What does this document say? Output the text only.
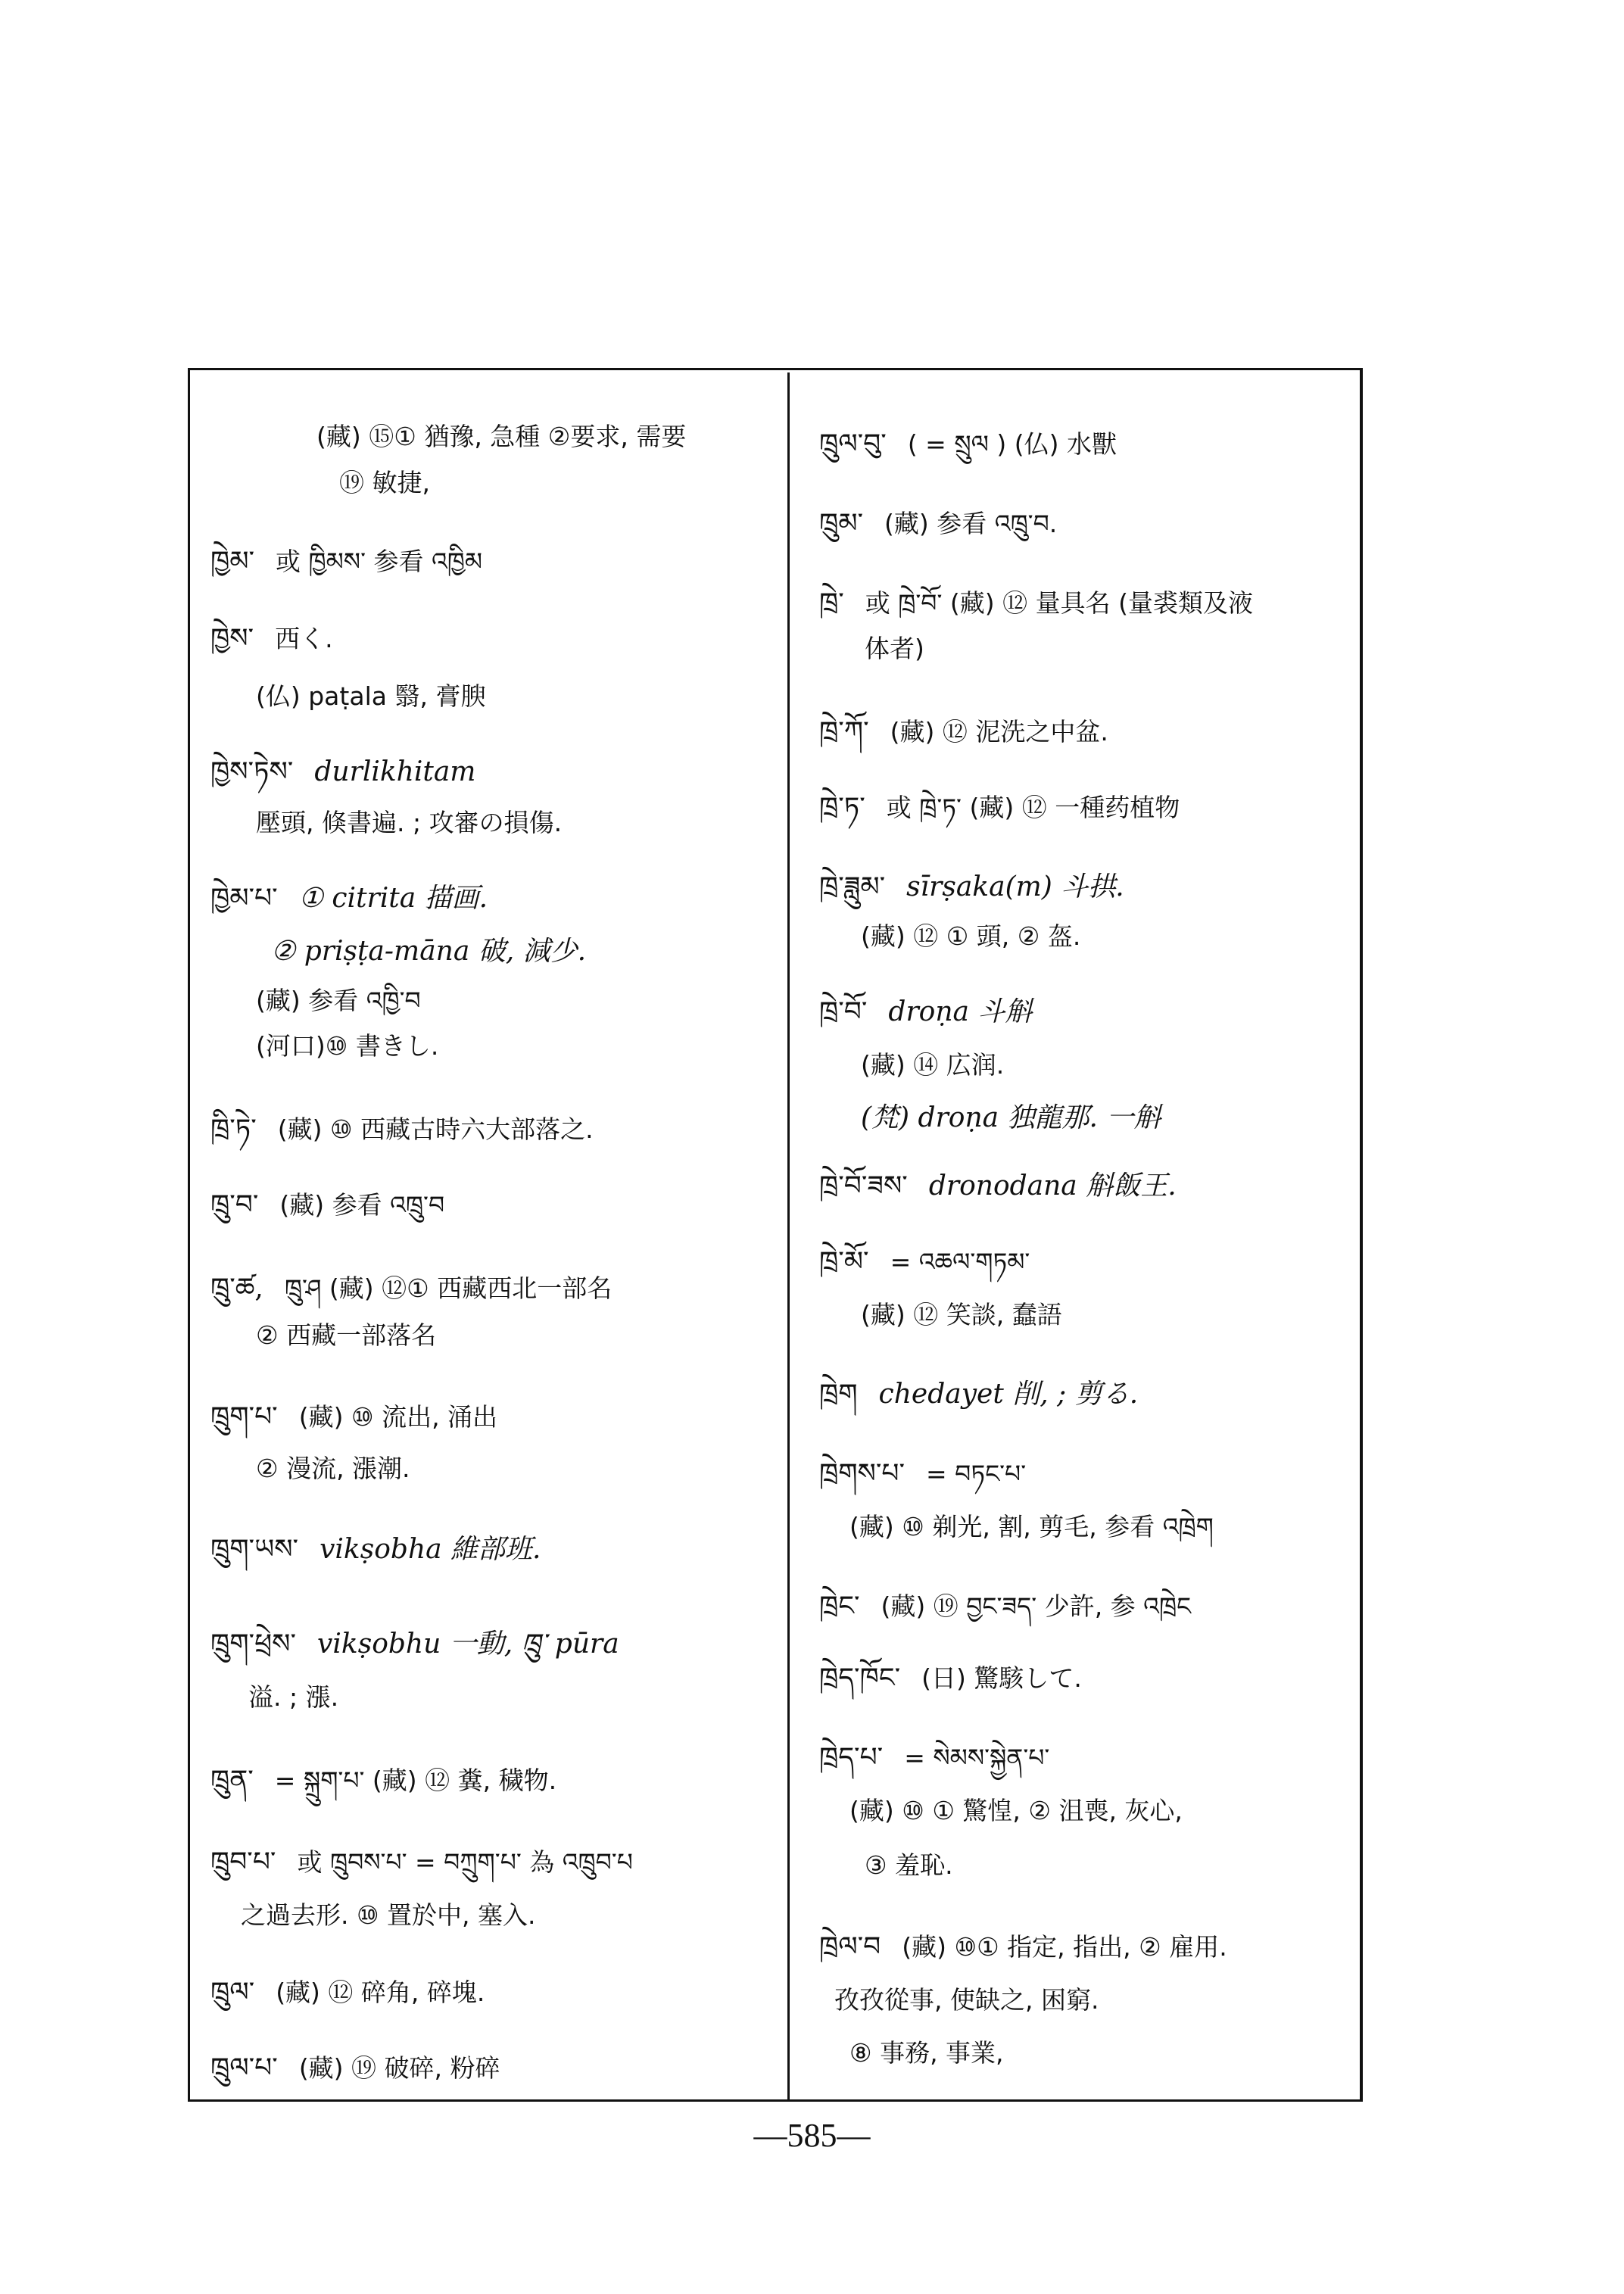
(藏) ⑮① 猶豫, 急種 ②要求, 需要
⑲ 敏捷,
ཁྱེམ་ 或 ཁྱིམས་ 参看 འཁྱིམ
ཁྱེས་ 西く.
(仏) paṭala 翳, 膏腴
ཁྱེས་ཏེས་ durlikhitam
壓頭, 倏書遍. ; 攻審の損傷.
ཁྱེམ་པ་ ① citrita 描画.
② priṣṭa-māna 破, 減少.
(藏) 参看 འཁྱི་བ
(河口)⑩ 書きし.
ཁྲི་ཏེ་ (藏) ⑩ 西藏古時六大部落之.
ཁྲུ་བ་ (藏) 参看 འཁྲུ་བ
ཁྲུ་ཚ, ཁྲུ་ཤ (藏) ⑫① 西藏西北一部名
② 西藏一部落名
ཁྲུག་པ་ (藏) ⑩ 流出, 涌出
② 漫流, 漲潮.
ཁྲུག་ཡས་ vikṣobha 維部班.
ཁྲུག་ཕྲེས་ vikṣobhu 一動, ཁྲུ་ pūra
溢. ; 漲.
ཁྲུན་ = སྐྲུག་པ་ (藏) ⑫ 糞, 穢物.
ཁྲུབ་པ་ 或 ཁྲུབས་པ་ = བཀྲུག་པ་ 為 འཁྲུབ་པ
之過去形. ⑩ 置於中, 塞入.
ཁྲུལ་ (藏) ⑫ 碎角, 碎塊.
ཁྲུལ་པ་ (藏) ⑲ 破碎, 粉碎
ཁྲུལ་བུ་ ( = སྲུལ ) (仏) 水獸
ཁྲུམ་ (藏) 参看 འཁྲུ་བ.
ཁྲེ་ 或 ཁྲེ་བོ་ (藏) ⑫ 量具名 (量裘類及液
体者)
ཁྲེ་ཀོ་ (藏) ⑫ 泥洗之中盆.
ཁྲེ་ཏ་ 或 ཁྲེ་ཏ་ (藏) ⑫ 一種药植物
ཁྲེ་ཟླུམ་ sīrṣaka(m) 斗拱.
(藏) ⑫ ① 頭, ② 盔.
ཁྲེ་བོ་ droṇa 斗斛
(藏) ⑭ 広润.
(梵) droṇa 独龍那. 一斛
ཁྲེ་བོ་ཟས་ dronodana 斛飯王.
ཁྲེ་མོ་ = འཆལ་གཏམ་
(藏) ⑫ 笑談, 蠢語
ཁྲེག chedayet 削, ; 剪る.
ཁྲེགས་པ་ = བཏང་པ་
(藏) ⑩ 剃光, 割, 剪毛, 参看 འཁྲེག
ཁྲེང་ (藏) ⑲ བྱང་ཟད་ 少許, 参 འཁྲེང
ཁྲེད་ཁོང་ (日) 驚駭して.
ཁྲེད་པ་ = སེམས་སྐྱེན་པ་
(藏) ⑩ ① 驚惶, ② 沮喪, 灰心,
③ 羞恥.
ཁྲེལ་བ (藏) ⑩① 指定, 指出, ② 雇用.
孜孜從事, 使缺之, 困窮.
⑧ 事務, 事業,
—585—
